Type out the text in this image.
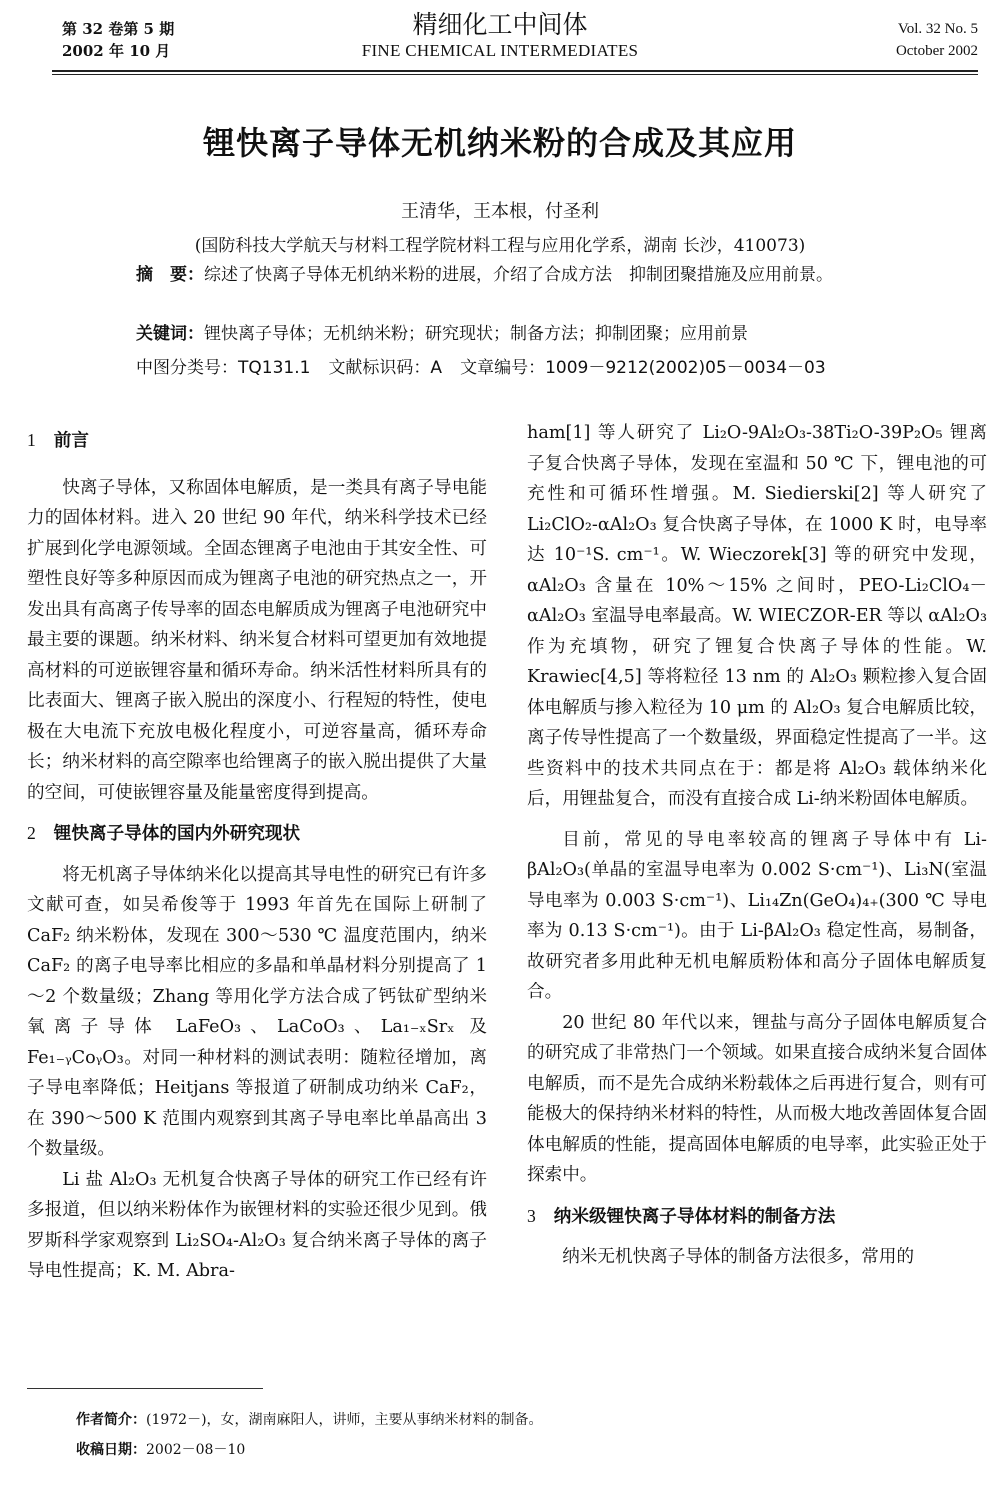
第 32 卷第 5 期
2002 年 10 月
精细化工中间体
FINE CHEMICAL INTERMEDIATES
Vol. 32 No. 5
October 2002
锂快离子导体无机纳米粉的合成及其应用
王清华，王本根，付圣利
(国防科技大学航天与材料工程学院材料工程与应用化学系，湖南 长沙，410073)
摘　要：综述了快离子导体无机纳米粉的进展，介绍了合成方法　抑制团聚措施及应用前景。
关键词：锂快离子导体；无机纳米粉；研究现状；制备方法；抑制团聚；应用前景
中图分类号：TQ131.1 文献标识码：A 文章编号：1009－9212(2002)05－0034－03
1 前言

快离子导体，又称固体电解质，是一类具有离子导电能力的固体材料。进入 20 世纪 90 年代，纳米科学技术已经扩展到化学电源领域。全固态锂离子电池由于其安全性、可塑性良好等多种原因而成为锂离子电池的研究热点之一，开发出具有高离子传导率的固态电解质成为锂离子电池研究中最主要的课题。纳米材料、纳米复合材料可望更加有效地提高材料的可逆嵌锂容量和循环寿命。纳米活性材料所具有的比表面大、锂离子嵌入脱出的深度小、行程短的特性，使电极在大电流下充放电极化程度小，可逆容量高，循环寿命长；纳米材料的高空隙率也给锂离子的嵌入脱出提供了大量的空间，可使嵌锂容量及能量密度得到提高。

2 锂快离子导体的国内外研究现状

将无机离子导体纳米化以提高其导电性的研究已有许多文献可查，如吴希俊等于 1993 年首先在国际上研制了 CaF₂ 纳米粉体，发现在 300～530 ℃ 温度范围内，纳米 CaF₂ 的离子电导率比相应的多晶和单晶材料分别提高了 1～2 个数量级；Zhang 等用化学方法合成了钙钛矿型纳米氧离子导体 LaFeO₃、LaCoO₃、La₁₋ₓSrₓ 及 Fe₁₋ᵧCoᵧO₃。对同一种材料的测试表明：随粒径增加，离子导电率降低；Heitjans 等报道了研制成功纳米 CaF₂，在 390～500 K 范围内观察到其离子导电率比单晶高出 3 个数量级。

Li 盐 Al₂O₃ 无机复合快离子导体的研究工作已经有许多报道，但以纳米粉体作为嵌锂材料的实验还很少见到。俄罗斯科学家观察到 Li₂SO₄-Al₂O₃ 复合纳米离子导体的离子导电性提高；K. M. Abra-

ham[1] 等人研究了 Li₂O-9Al₂O₃-38Ti₂O-39P₂O₅ 锂离子复合快离子导体，发现在室温和 50 ℃ 下，锂电池的可充性和可循环性增强。M. Siedierski[2] 等人研究了 Li₂ClO₂-αAl₂O₃ 复合快离子导体，在 1000 K 时，电导率达 10⁻¹S. cm⁻¹。W. Wieczorek[3] 等的研究中发现，αAl₂O₃ 含量在 10%～15% 之间时，PEO-Li₂ClO₄－αAl₂O₃ 室温导电率最高。W. WIECZOR-ER 等以 αAl₂O₃ 作为充填物，研究了锂复合快离子导体的性能。W. Krawiec[4,5] 等将粒径 13 nm 的 Al₂O₃ 颗粒掺入复合固体电解质与掺入粒径为 10 μm 的 Al₂O₃ 复合电解质比较，离子传导性提高了一个数量级，界面稳定性提高了一半。这些资料中的技术共同点在于：都是将 Al₂O₃ 载体纳米化后，用锂盐复合，而没有直接合成 Li-纳米粉固体电解质。

目前，常见的导电率较高的锂离子导体中有 Li-βAl₂O₃(单晶的室温导电率为 0.002 S·cm⁻¹)、Li₃N(室温导电率为 0.003 S·cm⁻¹)、Li₁₄Zn(GeO₄)₄₊(300 ℃ 导电率为 0.13 S·cm⁻¹)。由于 Li-βAl₂O₃ 稳定性高，易制备，故研究者多用此种无机电解质粉体和高分子固体电解质复合。

20 世纪 80 年代以来，锂盐与高分子固体电解质复合的研究成了非常热门一个领域。如果直接合成纳米复合固体电解质，而不是先合成纳米粉载体之后再进行复合，则有可能极大的保持纳米材料的特性，从而极大地改善固体复合固体电解质的性能，提高固体电解质的电导率，此实验正处于探索中。

3 纳米级锂快离子导体材料的制备方法

纳米无机快离子导体的制备方法很多，常用的

作者简介：(1972－)，女，湖南麻阳人，讲师，主要从事纳米材料的制备。
收稿日期：2002－08－10
